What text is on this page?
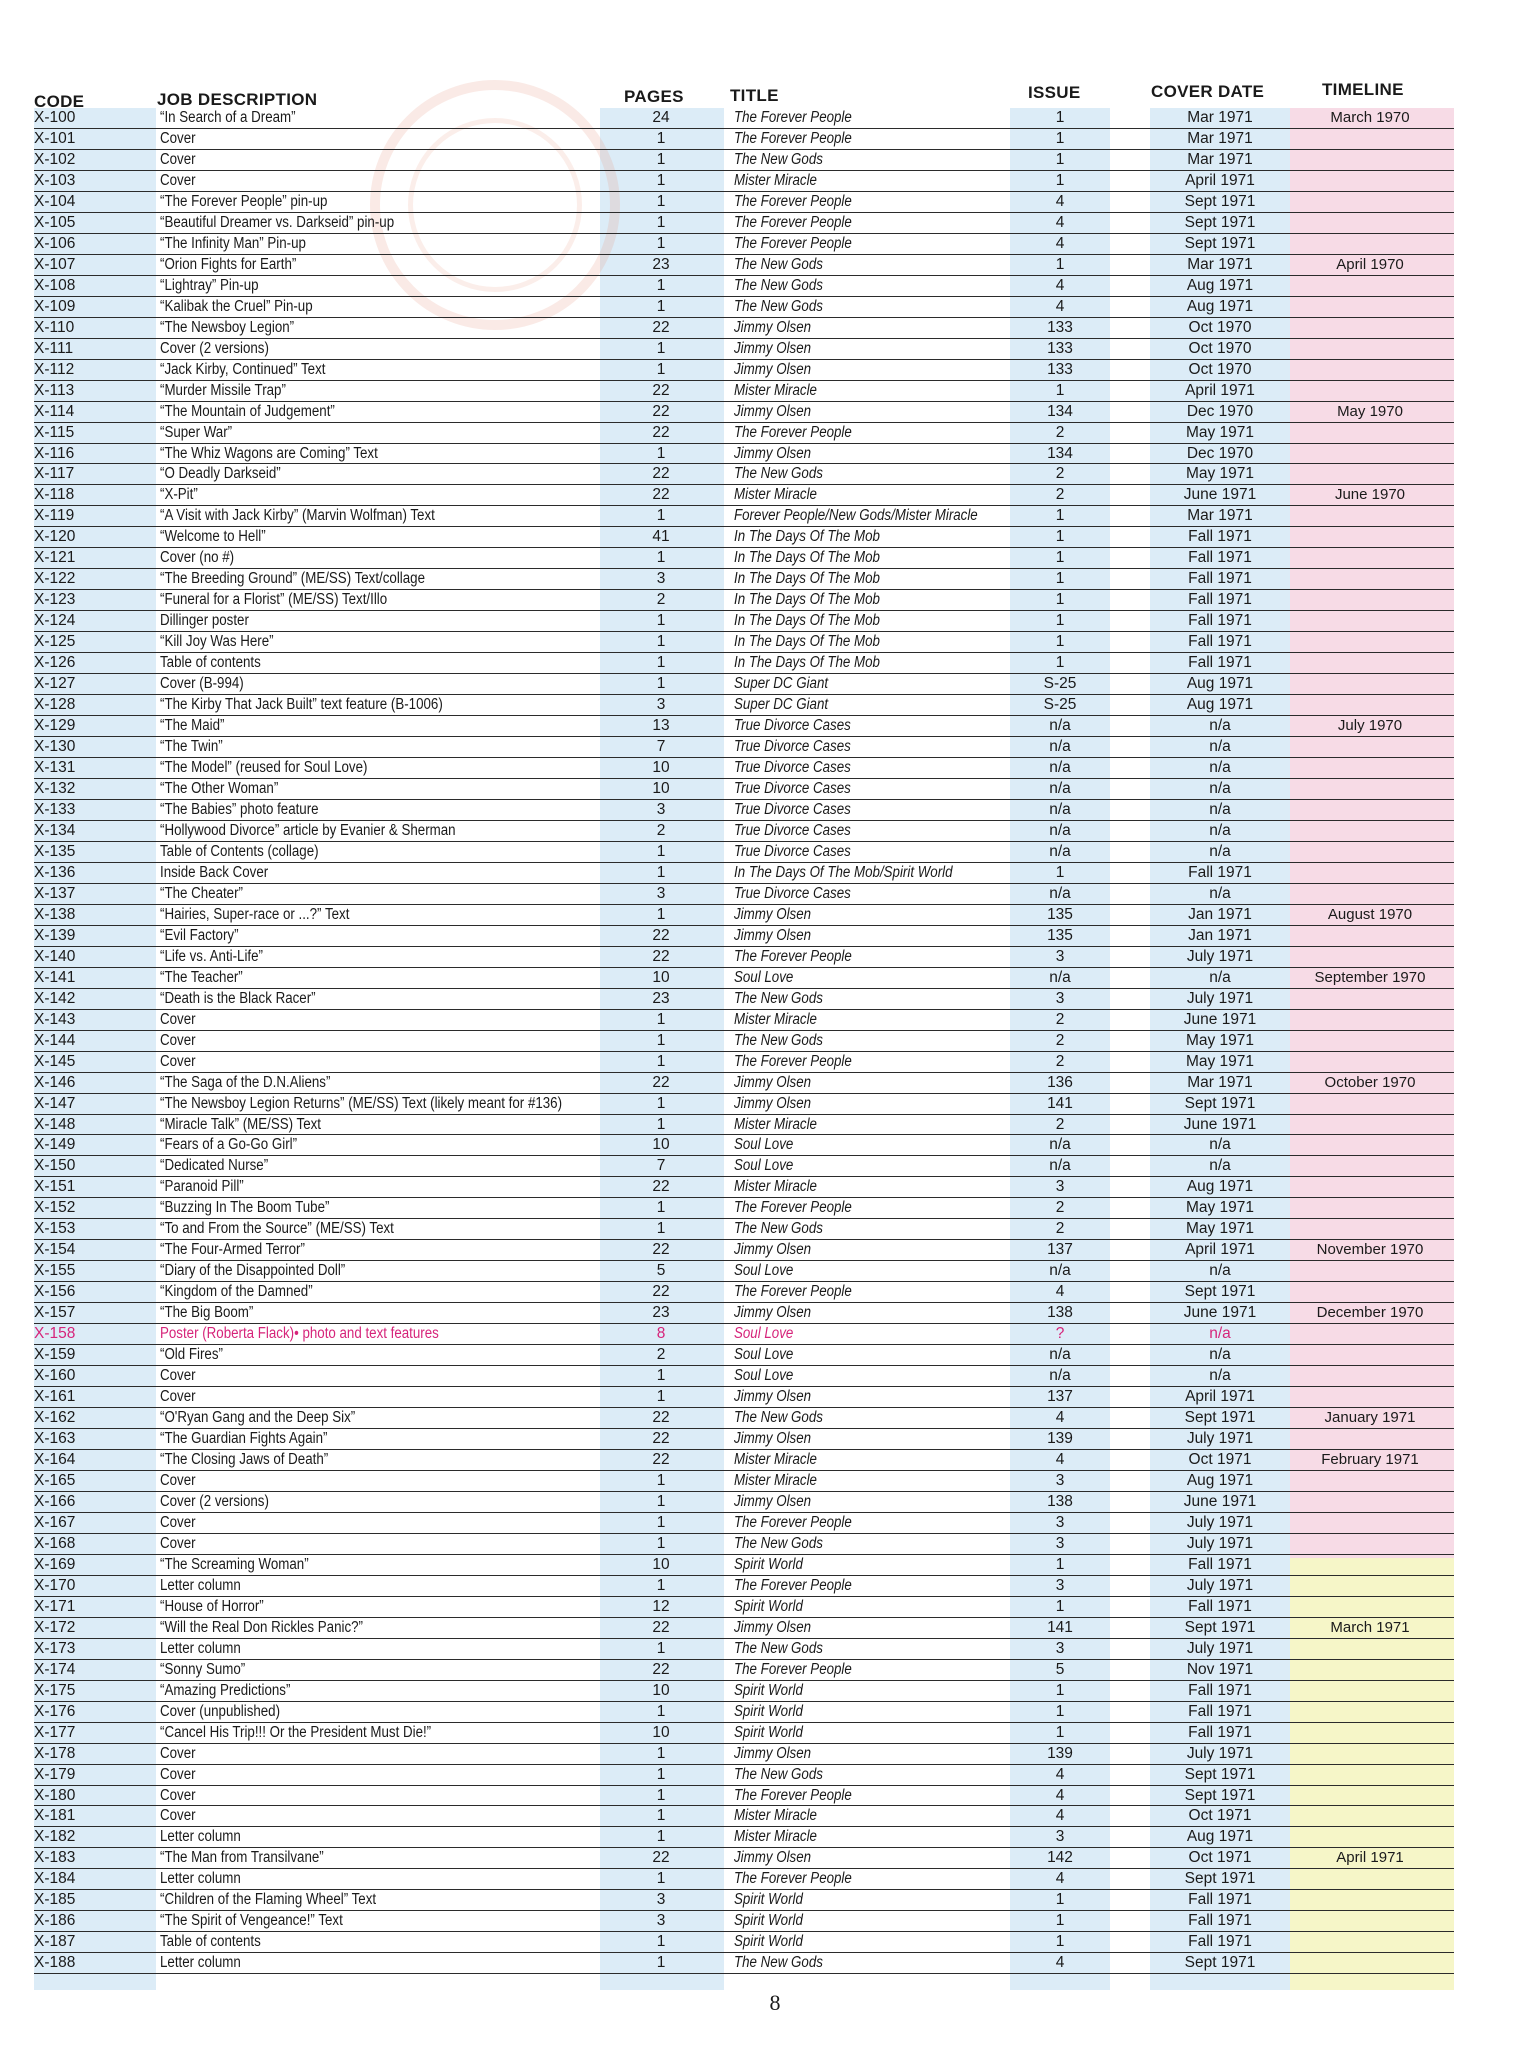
CODE	JOB DESCRIPTION	PAGES	TITLE	ISSUE	COVER DATE	TIMELINE
X-100	“In Search of a Dream”	24	The Forever People	1	Mar 1971	March 1970
X-101	Cover	1	The Forever People	1	Mar 1971
X-102	Cover	1	The New Gods	1	Mar 1971
X-103	Cover	1	Mister Miracle	1	April 1971
X-104	“The Forever People” pin-up	1	The Forever People	4	Sept 1971
X-105	“Beautiful Dreamer vs. Darkseid” pin-up	1	The Forever People	4	Sept 1971
X-106	“The Infinity Man” Pin-up	1	The Forever People	4	Sept 1971
X-107	“Orion Fights for Earth”	23	The New Gods	1	Mar 1971	April 1970
X-108	“Lightray” Pin-up	1	The New Gods	4	Aug 1971
X-109	“Kalibak the Cruel” Pin-up	1	The New Gods	4	Aug 1971
X-110	“The Newsboy Legion”	22	Jimmy Olsen	133	Oct 1970
X-111	Cover (2 versions)	1	Jimmy Olsen	133	Oct 1970
X-112	“Jack Kirby, Continued” Text	1	Jimmy Olsen	133	Oct 1970
X-113	“Murder Missile Trap”	22	Mister Miracle	1	April 1971
X-114	“The Mountain of Judgement”	22	Jimmy Olsen	134	Dec 1970	May 1970
X-115	“Super War”	22	The Forever People	2	May 1971
X-116	“The Whiz Wagons are Coming” Text	1	Jimmy Olsen	134	Dec 1970
X-117	“O Deadly Darkseid”	22	The New Gods	2	May 1971
X-118	“X-Pit”	22	Mister Miracle	2	June 1971	June 1970
X-119	“A Visit with Jack Kirby” (Marvin Wolfman) Text	1	Forever People/New Gods/Mister Miracle	1	Mar 1971
X-120	“Welcome to Hell”	41	In The Days Of The Mob	1	Fall 1971
X-121	Cover (no #)	1	In The Days Of The Mob	1	Fall 1971
X-122	“The Breeding Ground” (ME/SS) Text/collage	3	In The Days Of The Mob	1	Fall 1971
X-123	“Funeral for a Florist” (ME/SS) Text/Illo	2	In The Days Of The Mob	1	Fall 1971
X-124	Dillinger poster	1	In The Days Of The Mob	1	Fall 1971
X-125	“Kill Joy Was Here”	1	In The Days Of The Mob	1	Fall 1971
X-126	Table of contents	1	In The Days Of The Mob	1	Fall 1971
X-127	Cover (B-994)	1	Super DC Giant	S-25	Aug 1971
X-128	“The Kirby That Jack Built” text feature (B-1006)	3	Super DC Giant	S-25	Aug 1971
X-129	“The Maid”	13	True Divorce Cases	n/a	n/a	July 1970
X-130	“The Twin”	7	True Divorce Cases	n/a	n/a
X-131	“The Model” (reused for Soul Love)	10	True Divorce Cases	n/a	n/a
X-132	“The Other Woman”	10	True Divorce Cases	n/a	n/a
X-133	“The Babies” photo feature	3	True Divorce Cases	n/a	n/a
X-134	“Hollywood Divorce” article by Evanier & Sherman	2	True Divorce Cases	n/a	n/a
X-135	Table of Contents (collage)	1	True Divorce Cases	n/a	n/a
X-136	Inside Back Cover	1	In The Days Of The Mob/Spirit World	1	Fall 1971
X-137	“The Cheater”	3	True Divorce Cases	n/a	n/a
X-138	“Hairies, Super-race or ...?” Text	1	Jimmy Olsen	135	Jan 1971	August 1970
X-139	“Evil Factory”	22	Jimmy Olsen	135	Jan 1971
X-140	“Life vs. Anti-Life”	22	The Forever People	3	July 1971
X-141	“The Teacher”	10	Soul Love	n/a	n/a	September 1970
X-142	“Death is the Black Racer”	23	The New Gods	3	July 1971
X-143	Cover	1	Mister Miracle	2	June 1971
X-144	Cover	1	The New Gods	2	May 1971
X-145	Cover	1	The Forever People	2	May 1971
X-146	“The Saga of the D.N.Aliens”	22	Jimmy Olsen	136	Mar 1971	October 1970
X-147	“The Newsboy Legion Returns” (ME/SS) Text (likely meant for #136)	1	Jimmy Olsen	141	Sept 1971
X-148	“Miracle Talk” (ME/SS) Text	1	Mister Miracle	2	June 1971
X-149	“Fears of a Go-Go Girl”	10	Soul Love	n/a	n/a
X-150	“Dedicated Nurse”	7	Soul Love	n/a	n/a
X-151	“Paranoid Pill”	22	Mister Miracle	3	Aug 1971
X-152	“Buzzing In The Boom Tube”	1	The Forever People	2	May 1971
X-153	“To and From the Source” (ME/SS) Text	1	The New Gods	2	May 1971
X-154	“The Four-Armed Terror”	22	Jimmy Olsen	137	April 1971	November 1970
X-155	“Diary of the Disappointed Doll”	5	Soul Love	n/a	n/a
X-156	“Kingdom of the Damned”	22	The Forever People	4	Sept 1971
X-157	“The Big Boom”	23	Jimmy Olsen	138	June 1971	December 1970
X-158	Poster (Roberta Flack)• photo and text features	8	Soul Love	?	n/a
X-159	“Old Fires”	2	Soul Love	n/a	n/a
X-160	Cover	1	Soul Love	n/a	n/a
X-161	Cover	1	Jimmy Olsen	137	April 1971
X-162	“O'Ryan Gang and the Deep Six”	22	The New Gods	4	Sept 1971	January 1971
X-163	“The Guardian Fights Again”	22	Jimmy Olsen	139	July 1971
X-164	“The Closing Jaws of Death”	22	Mister Miracle	4	Oct 1971	February 1971
X-165	Cover	1	Mister Miracle	3	Aug 1971
X-166	Cover (2 versions)	1	Jimmy Olsen	138	June 1971
X-167	Cover	1	The Forever People	3	July 1971
X-168	Cover	1	The New Gods	3	July 1971
X-169	“The Screaming Woman”	10	Spirit World	1	Fall 1971
X-170	Letter column	1	The Forever People	3	July 1971
X-171	“House of Horror”	12	Spirit World	1	Fall 1971
X-172	“Will the Real Don Rickles Panic?”	22	Jimmy Olsen	141	Sept 1971	March 1971
X-173	Letter column	1	The New Gods	3	July 1971
X-174	“Sonny Sumo”	22	The Forever People	5	Nov 1971
X-175	“Amazing Predictions”	10	Spirit World	1	Fall 1971
X-176	Cover (unpublished)	1	Spirit World	1	Fall 1971
X-177	“Cancel His Trip!!! Or the President Must Die!”	10	Spirit World	1	Fall 1971
X-178	Cover	1	Jimmy Olsen	139	July 1971
X-179	Cover	1	The New Gods	4	Sept 1971
X-180	Cover	1	The Forever People	4	Sept 1971
X-181	Cover	1	Mister Miracle	4	Oct 1971
X-182	Letter column	1	Mister Miracle	3	Aug 1971
X-183	“The Man from Transilvane”	22	Jimmy Olsen	142	Oct 1971	April 1971
X-184	Letter column	1	The Forever People	4	Sept 1971
X-185	“Children of the Flaming Wheel” Text	3	Spirit World	1	Fall 1971
X-186	“The Spirit of Vengeance!” Text	3	Spirit World	1	Fall 1971
X-187	Table of contents	1	Spirit World	1	Fall 1971
X-188	Letter column	1	The New Gods	4	Sept 1971
8
